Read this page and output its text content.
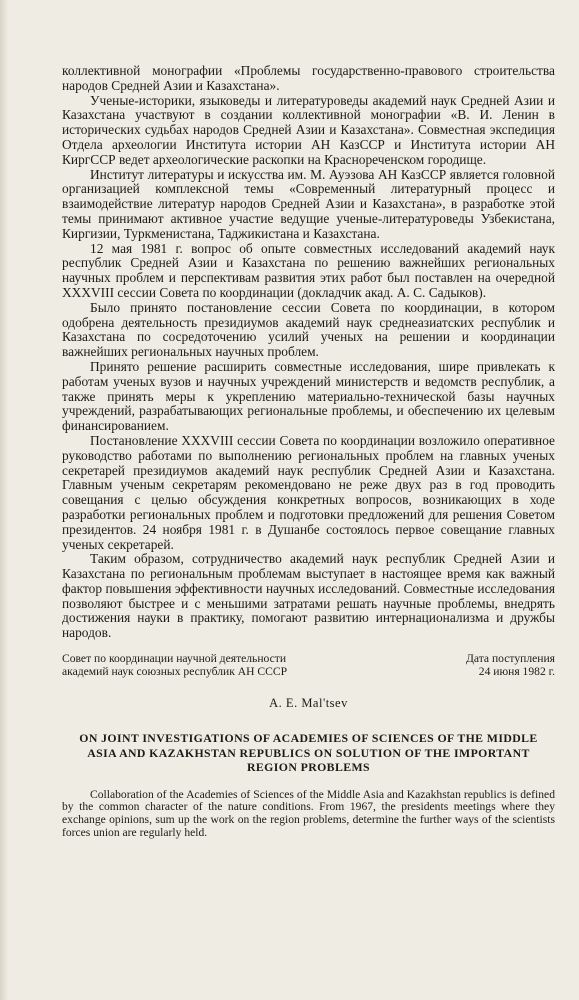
коллективной монографии «Проблемы государственно-правового строительства народов Средней Азии и Казахстана».

Ученые-историки, языковеды и литературоведы академий наук Средней Азии и Казахстана участвуют в создании коллективной монографии «В. И. Ленин в исторических судьбах народов Средней Азии и Казахстана». Совместная экспедиция Отдела археологии Института истории АН КазССР и Института истории АН КиргССР ведет археологические раскопки на Краснореченском городище.

Институт литературы и искусства им. М. Ауэзова АН КазССР является головной организацией комплексной темы «Современный литературный процесс и взаимодействие литератур народов Средней Азии и Казахстана», в разработке этой темы принимают активное участие ведущие ученые-литературоведы Узбекистана, Киргизии, Туркменистана, Таджикистана и Казахстана.

12 мая 1981 г. вопрос об опыте совместных исследований академий наук республик Средней Азии и Казахстана по решению важнейших региональных научных проблем и перспективам развития этих работ был поставлен на очередной XXXVIII сессии Совета по координации (докладчик акад. А. С. Садыков).

Было принято постановление сессии Совета по координации, в котором одобрена деятельность президиумов академий наук среднеазиатских республик и Казахстана по сосредоточению усилий ученых на решении и координации важнейших региональных научных проблем.

Принято решение расширить совместные исследования, шире привлекать к работам ученых вузов и научных учреждений министерств и ведомств республик, а также принять меры к укреплению материально-технической базы научных учреждений, разрабатывающих региональные проблемы, и обеспечению их целевым финансированием.

Постановление XXXVIII сессии Совета по координации возложило оперативное руководство работами по выполнению региональных проблем на главных ученых секретарей президиумов академий наук республик Средней Азии и Казахстана. Главным ученым секретарям рекомендовано не реже двух раз в год проводить совещания с целью обсуждения конкретных вопросов, возникающих в ходе разработки региональных проблем и подготовки предложений для решения Советом президентов. 24 ноября 1981 г. в Душанбе состоялось первое совещание главных ученых секретарей.

Таким образом, сотрудничество академий наук республик Средней Азии и Казахстана по региональным проблемам выступает в настоящее время как важный фактор повышения эффективности научных исследований. Совместные исследования позволяют быстрее и с меньшими затратами решать научные проблемы, внедрять достижения науки в практику, помогают развитию интернационализма и дружбы народов.

Совет по координации научной деятельности
академий наук союзных республик АН СССР
Дата поступления
24 июня 1982 г.
A. E. Mal'tsev
ON JOINT INVESTIGATIONS OF ACADEMIES OF SCIENCES OF THE MIDDLE
ASIA AND KAZAKHSTAN REPUBLICS ON SOLUTION OF THE IMPORTANT
REGION PROBLEMS

Collaboration of the Academies of Sciences of the Middle Asia and Kazakhstan republics is defined by the common character of the nature conditions. From 1967, the presidents meetings where they exchange opinions, sum up the work on the region problems, determine the further ways of the scientists forces union are regularly held.
